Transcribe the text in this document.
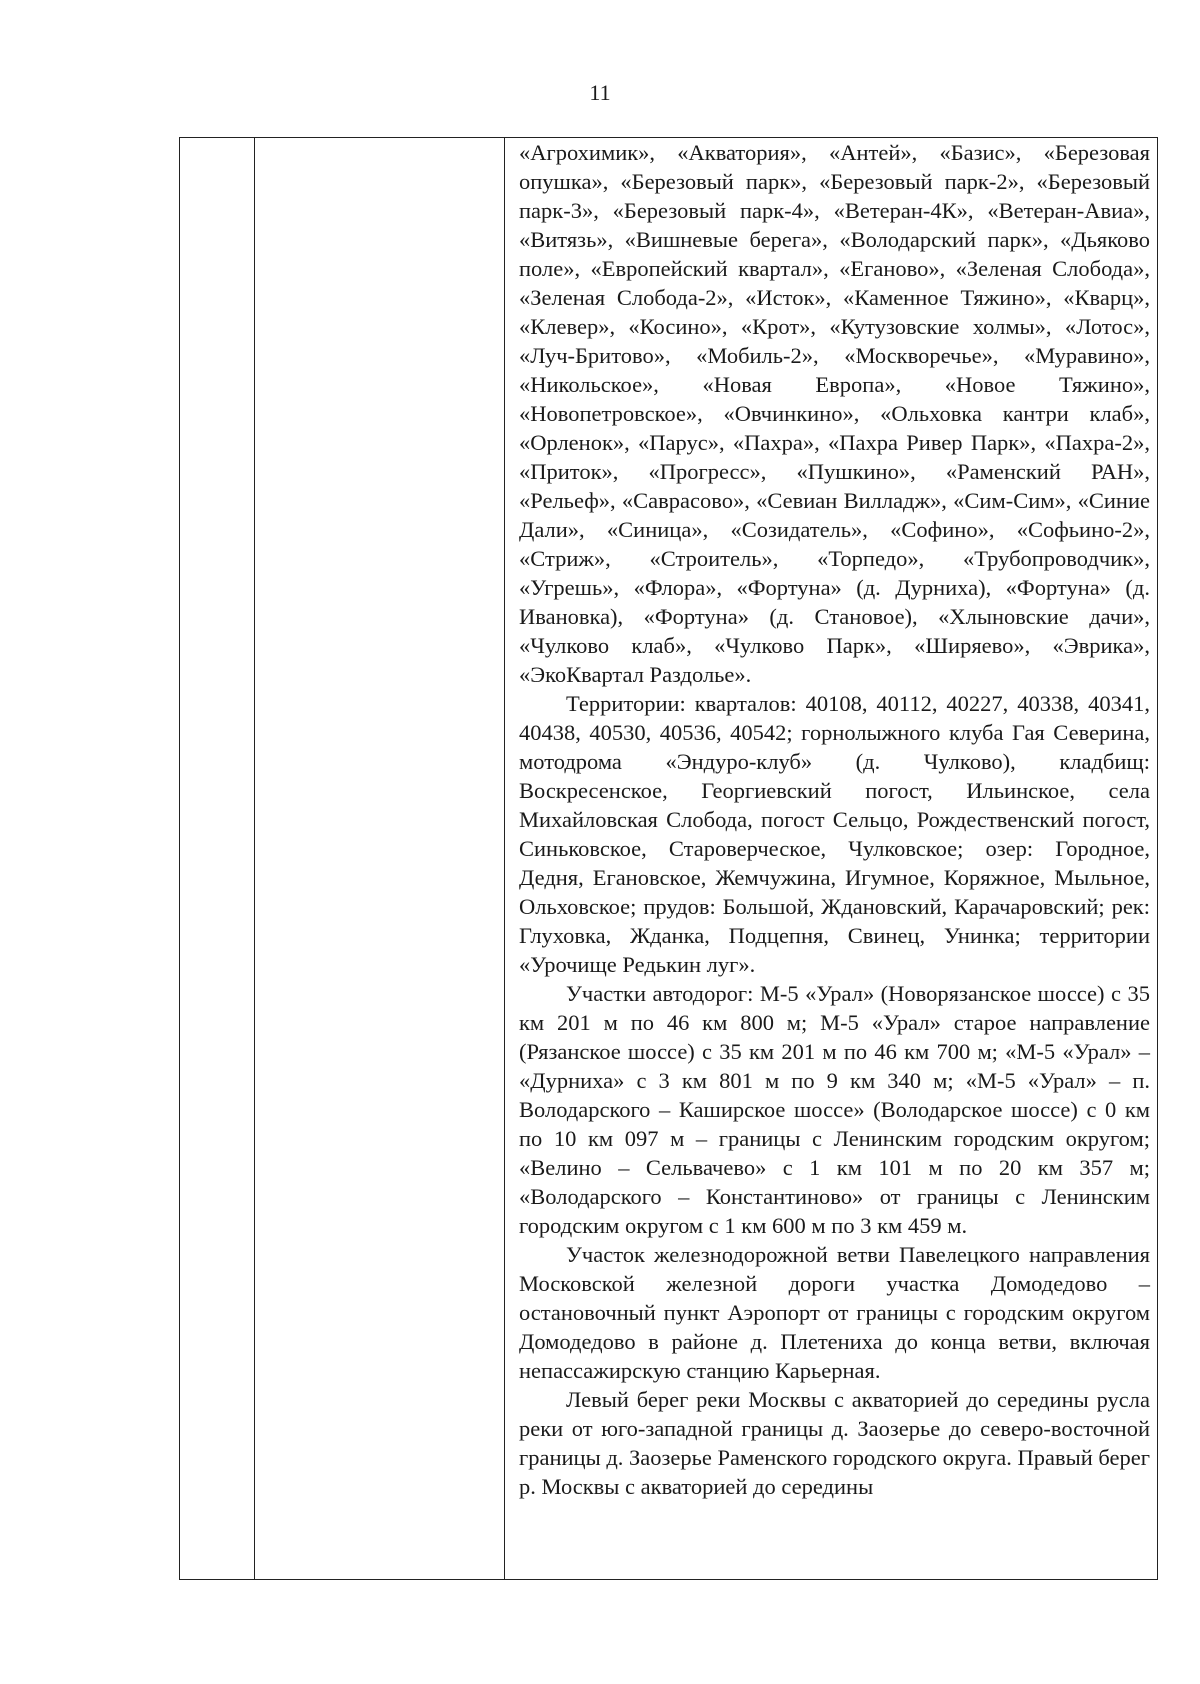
11

«Агрохимик», «Акватория», «Антей», «Базис», «Березовая опушка», «Березовый парк», «Березовый парк-2», «Березовый парк-3», «Березовый парк-4», «Ветеран-4К», «Ветеран-Авиа», «Витязь», «Вишневые берега», «Володарский парк», «Дьяково поле», «Европейский квартал», «Еганово», «Зеленая Слобода», «Зеленая Слобода-2», «Исток», «Каменное Тяжино», «Кварц», «Клевер», «Косино», «Крот», «Кутузовские холмы», «Лотос», «Луч-Бритово», «Мобиль-2», «Москворечье», «Муравино», «Никольское», «Новая Европа», «Новое Тяжино», «Новопетровское», «Овчинкино», «Ольховка кантри клаб», «Орленок», «Парус», «Пахра», «Пахра Ривер Парк», «Пахра-2», «Приток», «Прогресс», «Пушкино», «Раменский РАН», «Рельеф», «Саврасово», «Севиан Вилладж», «Сим-Сим», «Синие Дали», «Синица», «Созидатель», «Софино», «Софьино-2», «Стриж», «Строитель», «Торпедо», «Трубопроводчик», «Угрешь», «Флора», «Фортуна» (д. Дурниха), «Фортуна» (д. Ивановка), «Фортуна» (д. Становое), «Хлыновские дачи», «Чулково клаб», «Чулково Парк», «Ширяево», «Эврика», «ЭкоКвартал Раздолье».

Территории: кварталов: 40108, 40112, 40227, 40338, 40341, 40438, 40530, 40536, 40542; горнолыжного клуба Гая Северина, мотодрома «Эндуро-клуб» (д. Чулково), кладбищ: Воскресенское, Георгиевский погост, Ильинское, села Михайловская Слобода, погост Сельцо, Рождественский погост, Синьковское, Староверческое, Чулковское; озер: Городное, Дедня, Егановское, Жемчужина, Игумное, Коряжное, Мыльное, Ольховское; прудов: Большой, Ждановский, Карачаровский; рек: Глуховка, Жданка, Подцепня, Свинец, Унинка; территории «Урочище Редькин луг».

Участки автодорог: М-5 «Урал» (Новорязанское шоссе) с 35 км 201 м по 46 км 800 м; М-5 «Урал» старое направление (Рязанское шоссе) с 35 км 201 м по 46 км 700 м; «М-5 «Урал» – «Дурниха» с 3 км 801 м по 9 км 340 м; «М-5 «Урал» – п. Володарского – Каширское шоссе» (Володарское шоссе) с 0 км по 10 км 097 м – границы с Ленинским городским округом; «Велино – Сельвачево» с 1 км 101 м по 20 км 357 м; «Володарского – Константиново» от границы с Ленинским городским округом с 1 км 600 м по 3 км 459 м.

Участок железнодорожной ветви Павелецкого направления Московской железной дороги участка Домодедово – остановочный пункт Аэропорт от границы с городским округом Домодедово в районе д. Плетениха до конца ветви, включая непассажирскую станцию Карьерная.

Левый берег реки Москвы с акваторией до середины русла реки от юго-западной границы д. Заозерье до северо-восточной границы д. Заозерье Раменского городского округа. Правый берег р. Москвы с акваторией до середины
